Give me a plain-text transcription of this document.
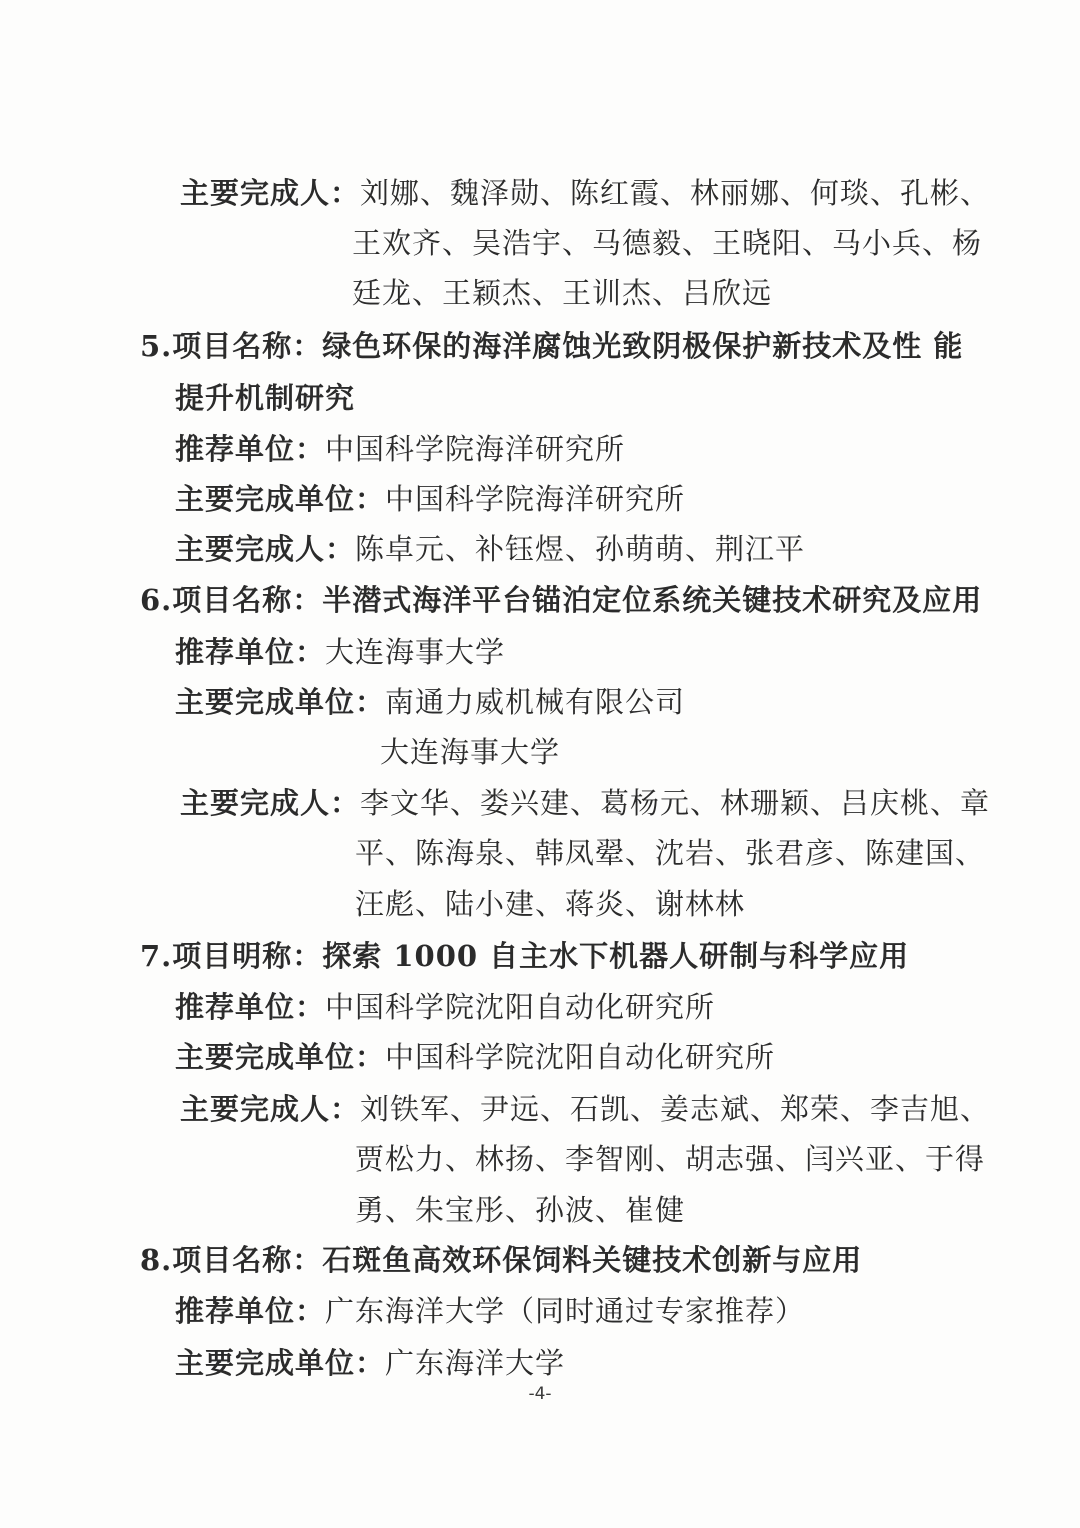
主要完成人：刘娜、魏泽勋、陈红霞、林丽娜、何琰、孔彬、
王欢齐、吴浩宇、马德毅、王晓阳、马小兵、杨
廷龙、王颖杰、王训杰、吕欣远
5.项目名称：绿色环保的海洋腐蚀光致阴极保护新技术及性 能
提升机制研究
推荐单位：中国科学院海洋研究所
主要完成单位：中国科学院海洋研究所
主要完成人：陈卓元、补钰煜、孙萌萌、荆江平
6.项目名称：半潜式海洋平台锚泊定位系统关键技术研究及应用
推荐单位：大连海事大学
主要完成单位：南通力威机械有限公司
大连海事大学
主要完成人：李文华、娄兴建、葛杨元、林珊颖、吕庆桃、章
平、陈海泉、韩凤翚、沈岩、张君彦、陈建国、
汪彪、陆小建、蒋炎、谢林林
7.项目明称：探索 1000 自主水下机器人研制与科学应用
推荐单位：中国科学院沈阳自动化研究所
主要完成单位：中国科学院沈阳自动化研究所
主要完成人：刘铁军、尹远、石凯、姜志斌、郑荣、李吉旭、
贾松力、林扬、李智刚、胡志强、闫兴亚、于得
勇、朱宝彤、孙波、崔健
8.项目名称：石斑鱼高效环保饲料关键技术创新与应用
推荐单位：广东海洋大学（同时通过专家推荐）
主要完成单位：广东海洋大学
-4-
